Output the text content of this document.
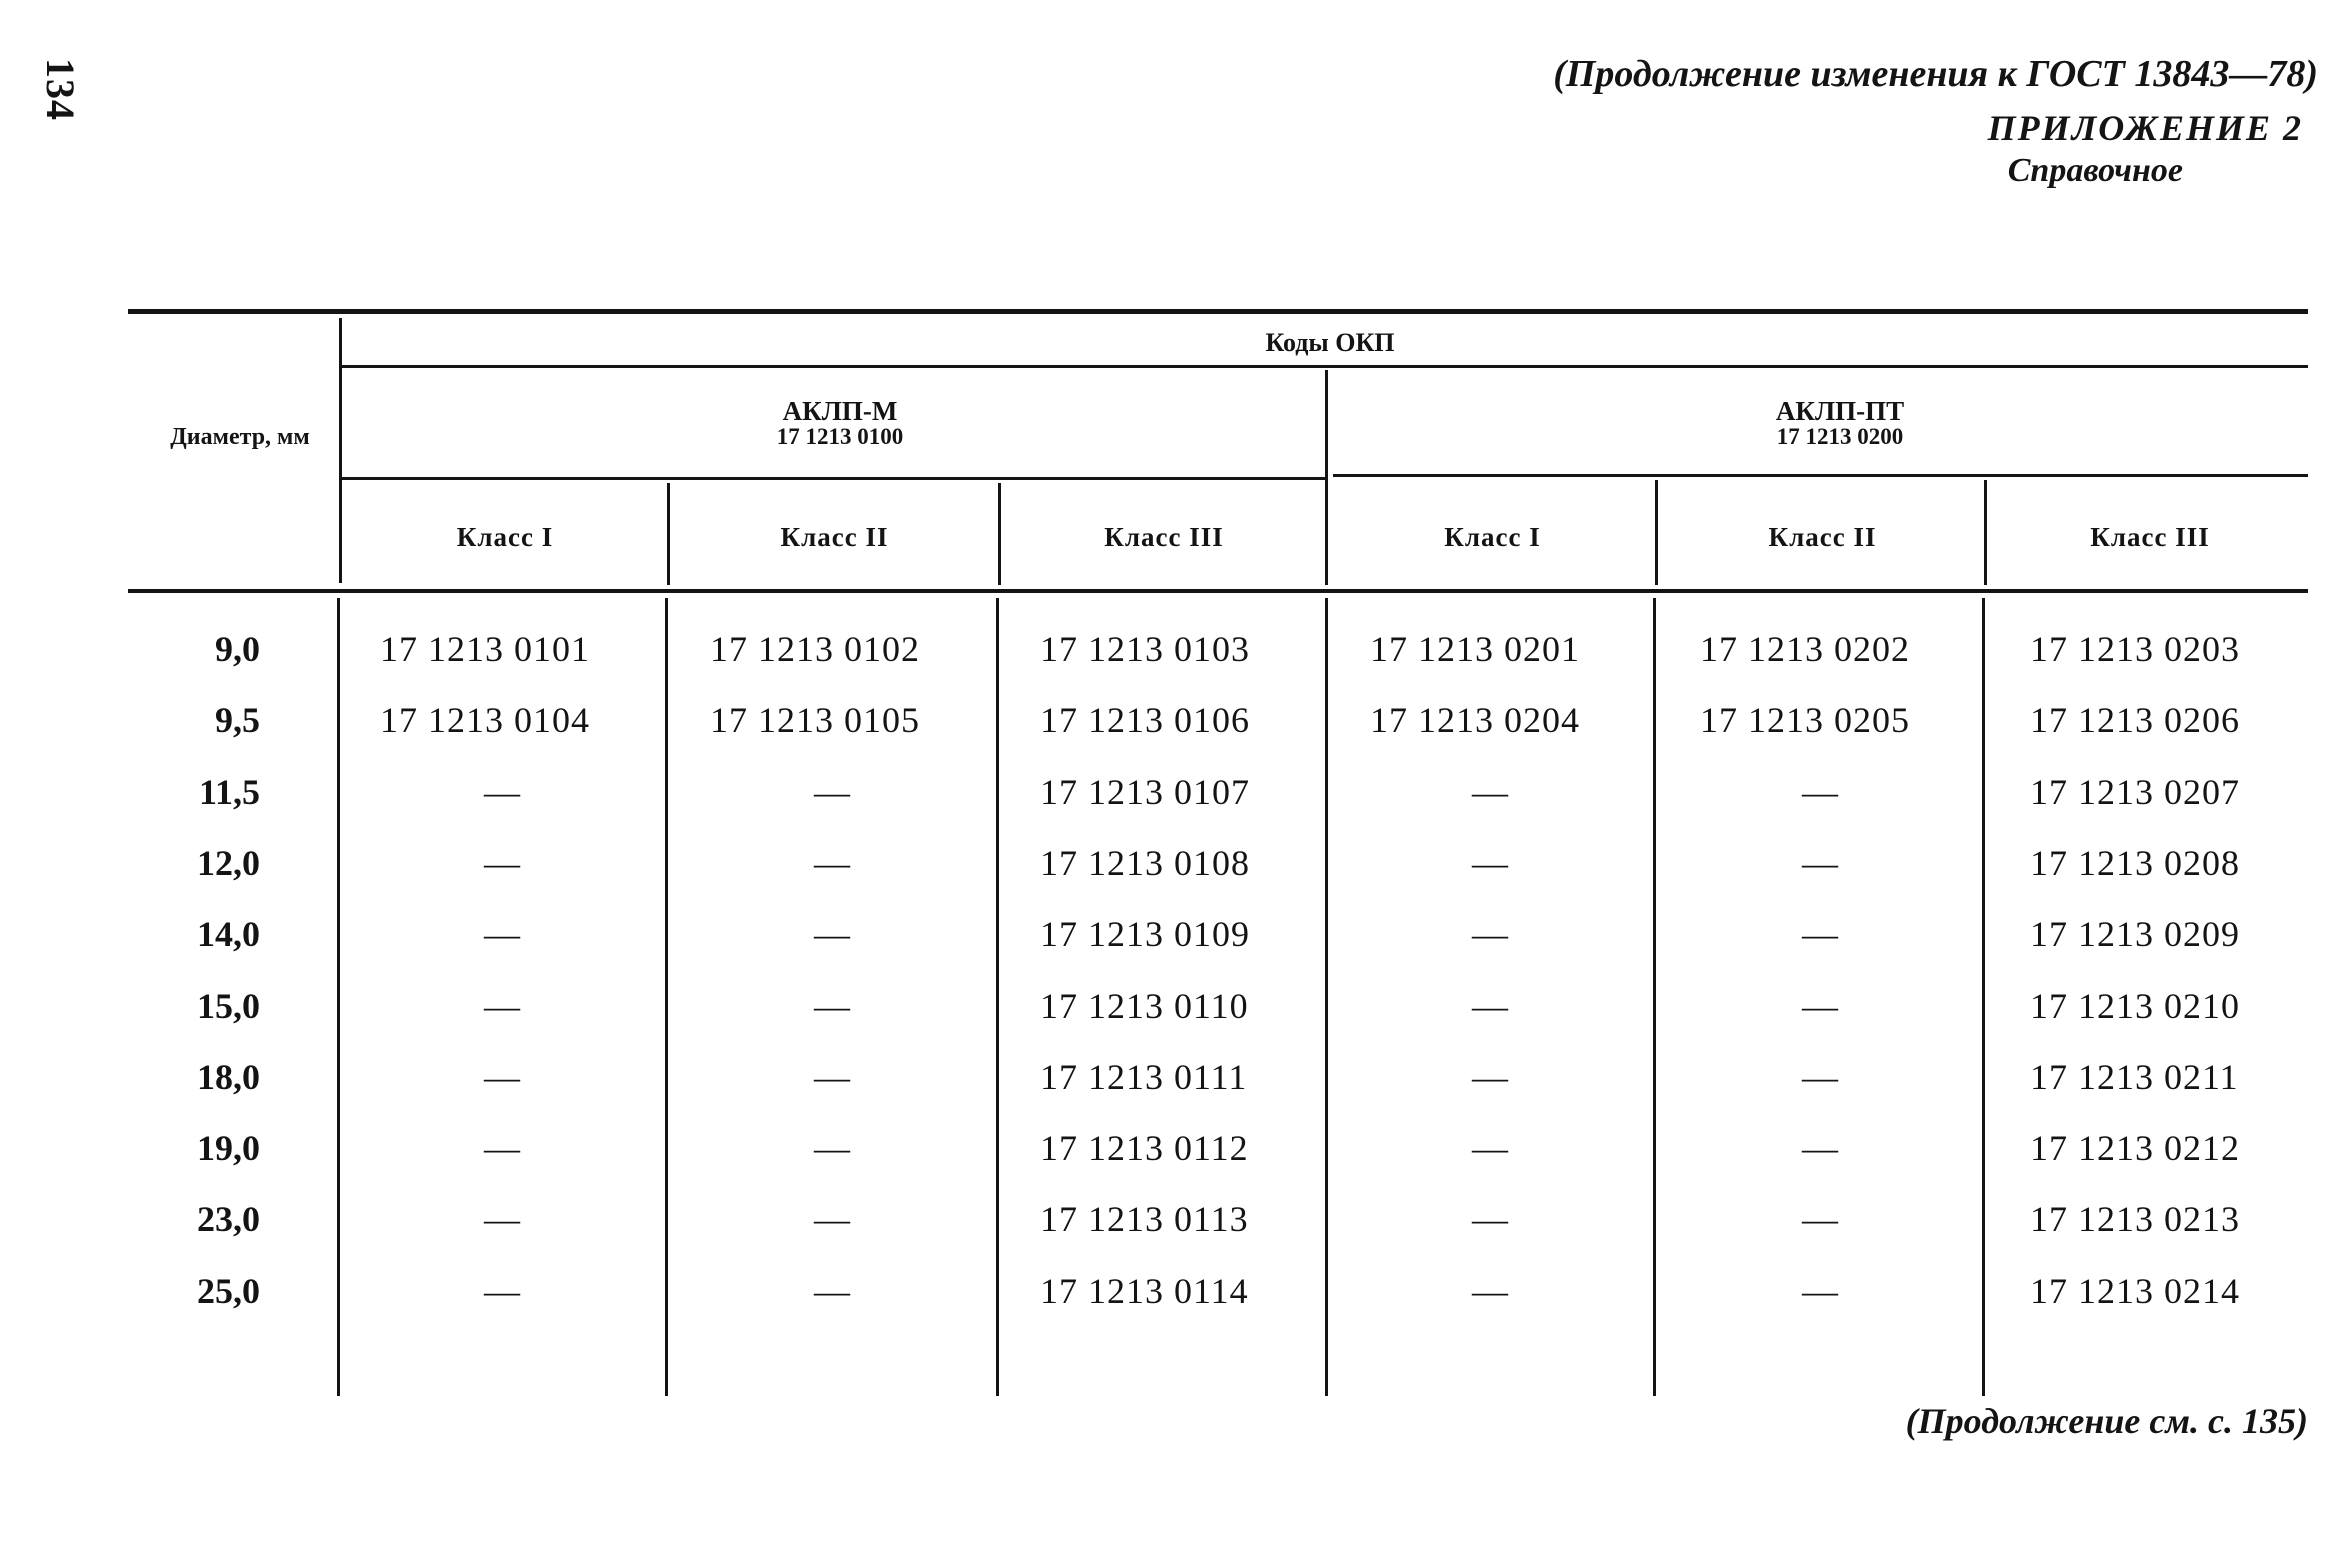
134	(Продолжение изменения к ГОСТ 13843—78)
ПРИЛОЖЕНИЕ 2
Справочное
Диаметр, мм
Коды ОКП
АКЛП-М
17 1213 0100
АКЛП-ПТ
17 1213 0200
Класс I	Класс II	Класс III	Класс I	Класс II	Класс III
9,0	17 1213 0101	17 1213 0102	17 1213 0103	17 1213 0201	17 1213 0202	17 1213 0203
9,5	17 1213 0104	17 1213 0105	17 1213 0106	17 1213 0204	17 1213 0205	17 1213 0206
11,5	—	—	17 1213 0107	—	—	17 1213 0207
12,0	—	—	17 1213 0108	—	—	17 1213 0208
14,0	—	—	17 1213 0109	—	—	17 1213 0209
15,0	—	—	17 1213 0110	—	—	17 1213 0210
18,0	—	—	17 1213 0111	—	—	17 1213 0211
19,0	—	—	17 1213 0112	—	—	17 1213 0212
23,0	—	—	17 1213 0113	—	—	17 1213 0213
25,0	—	—	17 1213 0114	—	—	17 1213 0214
(Продолжение см. с. 135)
